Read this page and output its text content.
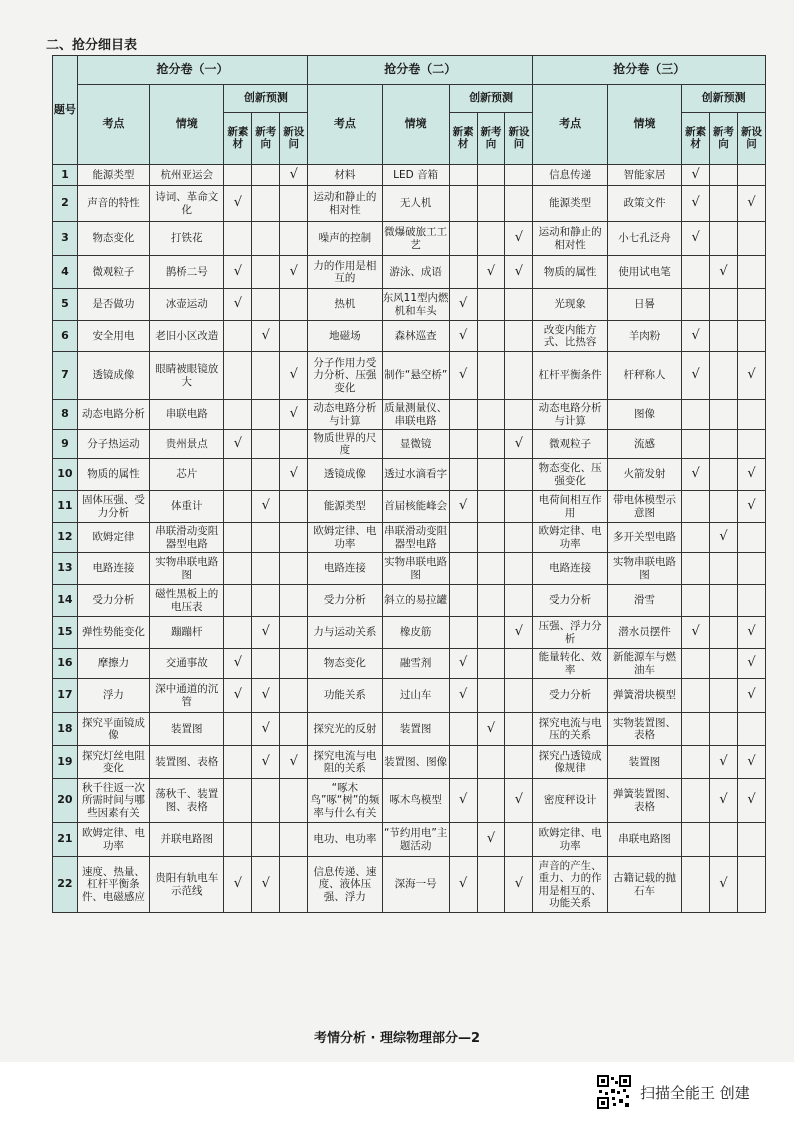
二、抢分细目表
题号	抢分卷（一）					抢分卷（二）					抢分卷（三）				
	考点	情境	创新预测			考点	情境	创新预测			考点	情境	创新预测		
			新素材	新考向	新设问			新素材	新考向	新设问			新素材	新考向	新设问
1	能源类型	杭州亚运会			√	材料	LED 音箱				信息传递	智能家居	√		
2	声音的特性	诗词、革命文化	√			运动和静止的相对性	无人机				能源类型	政策文件	√		√
3	物态变化	打铁花				噪声的控制	微爆破旅工工艺			√	运动和静止的相对性	小七孔泛舟	√		
4	微观粒子	鹊桥二号	√		√	力的作用是相互的	游泳、成语		√	√	物质的属性	使用试电笔		√	
5	是否做功	冰壶运动	√			热机	东风11型内燃机和车头	√			光现象	日晷			
6	安全用电	老旧小区改造		√		地磁场	森林巡查	√			改变内能方式、比热容	羊肉粉	√		
7	透镜成像	眼睛被眼镜放大			√	分子作用力受力分析、压强变化	制作“悬空桥”	√			杠杆平衡条件	杆秤称人	√		√
8	动态电路分析	串联电路			√	动态电路分析与计算	质量测量仪、串联电路				动态电路分析与计算	图像			
9	分子热运动	贵州景点	√			物质世界的尺度	显微镜			√	微观粒子	流感			
10	物质的属性	芯片			√	透镜成像	透过水滴看字				物态变化、压强变化	火箭发射	√		√
11	固体压强、受力分析	体重计		√		能源类型	首届核能峰会	√			电荷间相互作用	带电体模型示意图			√
12	欧姆定律	串联滑动变阻器型电路				欧姆定律、电功率	串联滑动变阻器型电路				欧姆定律、电功率	多开关型电路		√	
13	电路连接	实物串联电路图				电路连接	实物串联电路图				电路连接	实物串联电路图			
14	受力分析	磁性黑板上的电压表				受力分析	斜立的易拉罐				受力分析	滑雪			
15	弹性势能变化	蹦蹦杆		√		力与运动关系	橡皮筋			√	压强、浮力分析	潜水员摆件	√		√
16	摩擦力	交通事故	√			物态变化	融雪剂	√			能量转化、效率	新能源车与燃油车			√
17	浮力	深中通道的沉管	√	√		功能关系	过山车	√			受力分析	弹簧滑块模型			√
18	探究平面镜成像	装置图		√		探究光的反射	装置图		√		探究电流与电压的关系	实物装置图、表格			
19	探究灯丝电阻变化	装置图、表格		√	√	探究电流与电阻的关系	装置图、图像				探究凸透镜成像规律	装置图		√	√
20	秋千往返一次所需时间与哪些因素有关	荡秋千、装置图、表格				“啄木鸟”啄“树”的频率与什么有关	啄木鸟模型	√		√	密度秤设计	弹簧装置图、表格		√	√
21	欧姆定律、电功率	并联电路图				电功、电功率	“节约用电”主题活动		√		欧姆定律、电功率	串联电路图			
22	速度、热量、杠杆平衡条件、电磁感应	贵阳有轨电车示范线	√	√		信息传递、速度、液体压强、浮力	深海一号	√		√	声音的产生、重力、力的作用是相互的、功能关系	古籍记载的抛石车		√	
考情分析 · 理综物理部分—2
扫描全能王 创建
